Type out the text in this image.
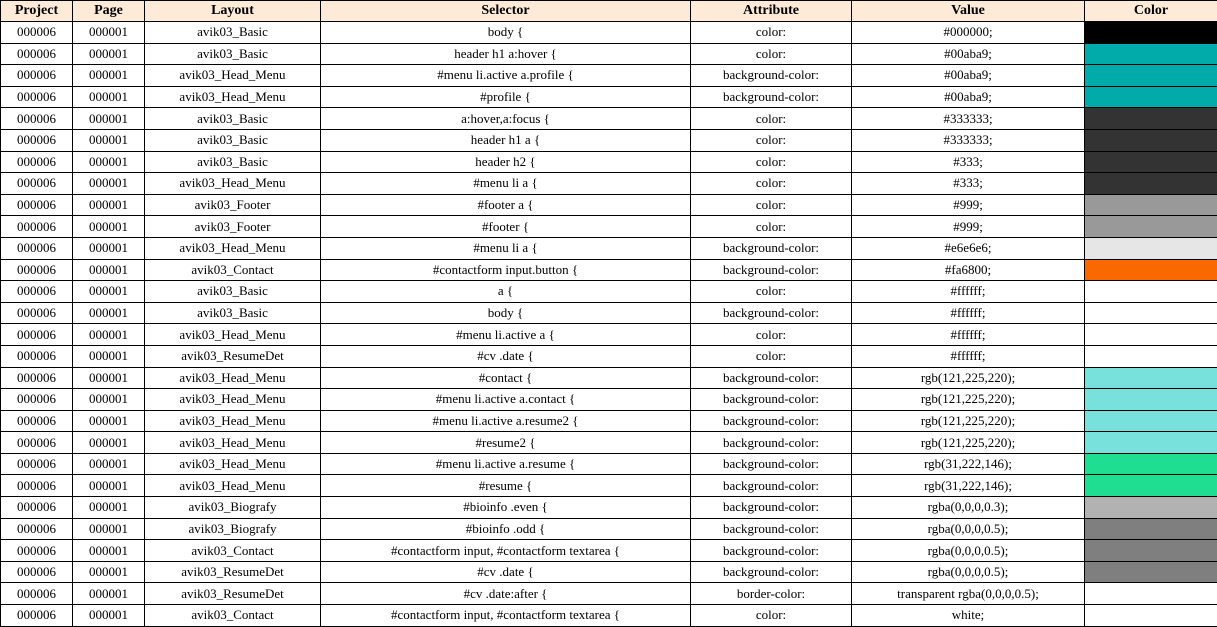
Project	Page	Layout	Selector	Attribute	Value	Color
000006	000001	avik03_Basic	body {	color:	#000000;	
000006	000001	avik03_Basic	header h1 a:hover {	color:	#00aba9;	
000006	000001	avik03_Head_Menu	#menu li.active a.profile {	background-color:	#00aba9;	
000006	000001	avik03_Head_Menu	#profile {	background-color:	#00aba9;	
000006	000001	avik03_Basic	a:hover,a:focus {	color:	#333333;	
000006	000001	avik03_Basic	header h1 a {	color:	#333333;	
000006	000001	avik03_Basic	header h2 {	color:	#333;	
000006	000001	avik03_Head_Menu	#menu li a {	color:	#333;	
000006	000001	avik03_Footer	#footer a {	color:	#999;	
000006	000001	avik03_Footer	#footer {	color:	#999;	
000006	000001	avik03_Head_Menu	#menu li a {	background-color:	#e6e6e6;	
000006	000001	avik03_Contact	#contactform input.button {	background-color:	#fa6800;	
000006	000001	avik03_Basic	a {	color:	#ffffff;	
000006	000001	avik03_Basic	body {	background-color:	#ffffff;	
000006	000001	avik03_Head_Menu	#menu li.active a {	color:	#ffffff;	
000006	000001	avik03_ResumeDet	#cv .date {	color:	#ffffff;	
000006	000001	avik03_Head_Menu	#contact {	background-color:	rgb(121,225,220);	
000006	000001	avik03_Head_Menu	#menu li.active a.contact {	background-color:	rgb(121,225,220);	
000006	000001	avik03_Head_Menu	#menu li.active a.resume2 {	background-color:	rgb(121,225,220);	
000006	000001	avik03_Head_Menu	#resume2 {	background-color:	rgb(121,225,220);	
000006	000001	avik03_Head_Menu	#menu li.active a.resume {	background-color:	rgb(31,222,146);	
000006	000001	avik03_Head_Menu	#resume {	background-color:	rgb(31,222,146);	
000006	000001	avik03_Biografy	#bioinfo .even {	background-color:	rgba(0,0,0,0.3);	
000006	000001	avik03_Biografy	#bioinfo .odd {	background-color:	rgba(0,0,0,0.5);	
000006	000001	avik03_Contact	#contactform input, #contactform textarea {	background-color:	rgba(0,0,0,0.5);	
000006	000001	avik03_ResumeDet	#cv .date {	background-color:	rgba(0,0,0,0.5);	
000006	000001	avik03_ResumeDet	#cv .date:after {	border-color:	transparent rgba(0,0,0,0.5);	
000006	000001	avik03_Contact	#contactform input, #contactform textarea {	color:	white;	
